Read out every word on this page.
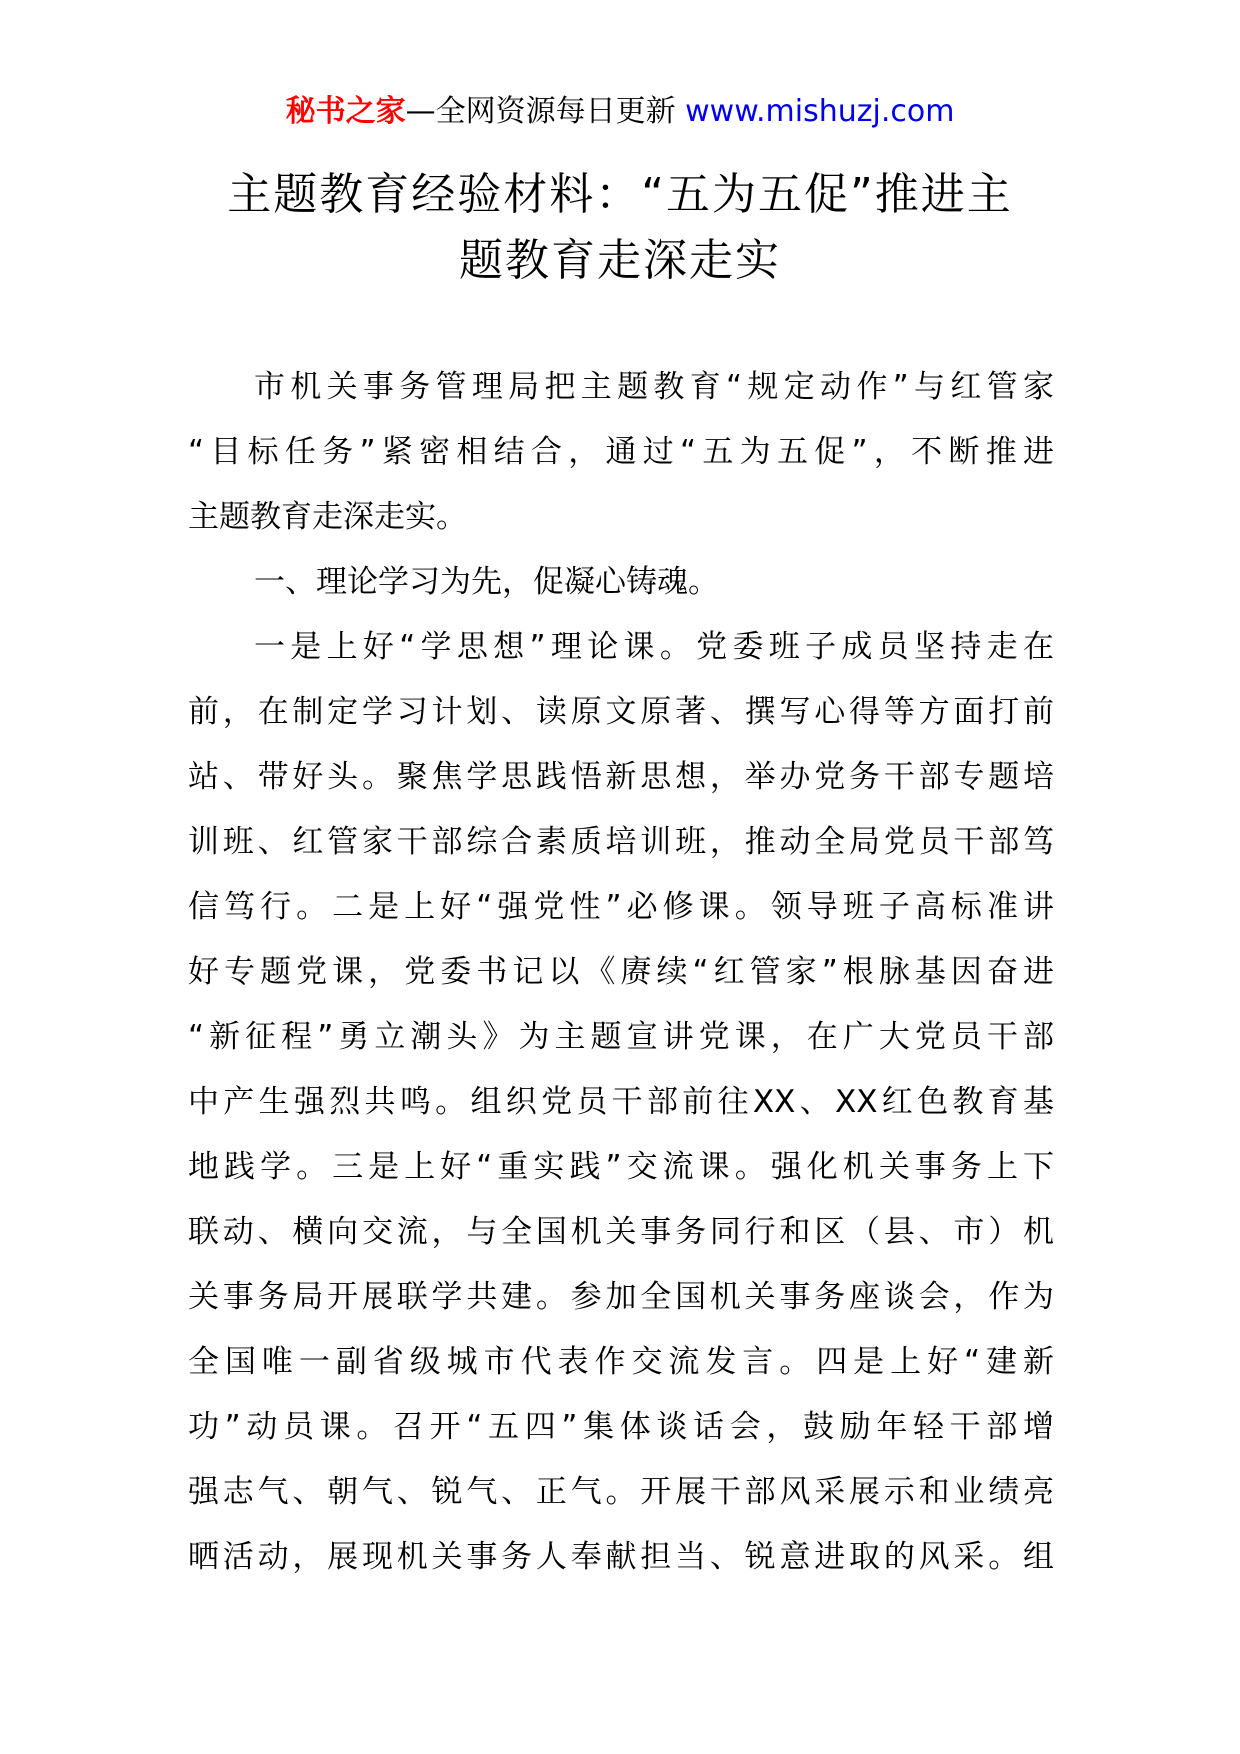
秘书之家—全网资源每日更新 www.mishuzj.com
主题教育经验材料：“五为五促”推进主
题教育走深走实
市机关事务管理局把主题教育“规定动作”与红管家
“目标任务”紧密相结合，通过“五为五促”，不断推进
主题教育走深走实。
一、理论学习为先，促凝心铸魂。
一是上好“学思想”理论课。党委班子成员坚持走在
前，在制定学习计划、读原文原著、撰写心得等方面打前
站、带好头。聚焦学思践悟新思想，举办党务干部专题培
训班、红管家干部综合素质培训班，推动全局党员干部笃
信笃行。二是上好“强党性”必修课。领导班子高标准讲
好专题党课，党委书记以《赓续“红管家”根脉基因奋进
“新征程”勇立潮头》为主题宣讲党课，在广大党员干部
中产生强烈共鸣。组织党员干部前往XX、XX红色教育基
地践学。三是上好“重实践”交流课。强化机关事务上下
联动、横向交流，与全国机关事务同行和区（县、市）机
关事务局开展联学共建。参加全国机关事务座谈会，作为
全国唯一副省级城市代表作交流发言。四是上好“建新
功”动员课。召开“五四”集体谈话会，鼓励年轻干部增
强志气、朝气、锐气、正气。开展干部风采展示和业绩亮
晒活动，展现机关事务人奉献担当、锐意进取的风采。组
